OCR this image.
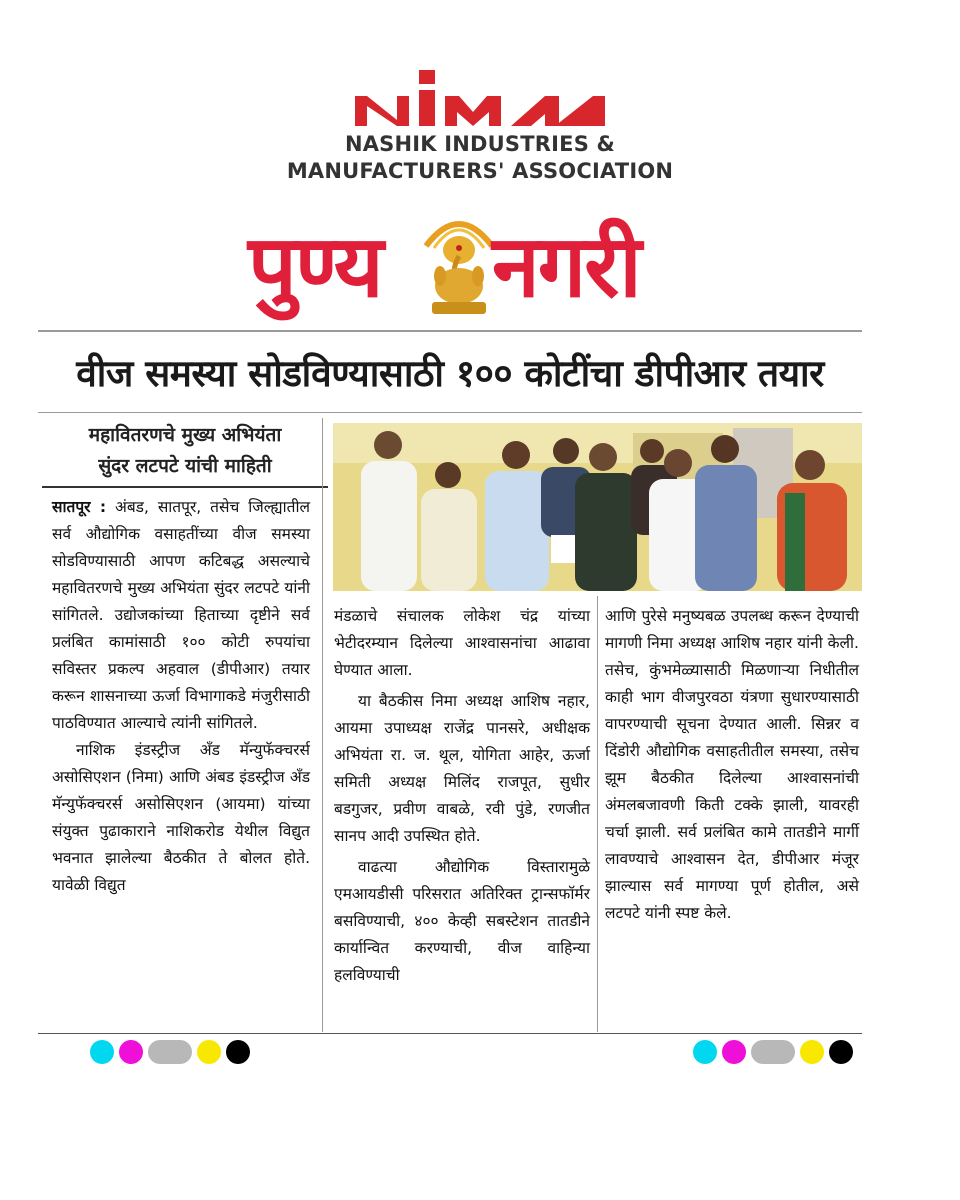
NASHIK INDUSTRIES &
MANUFACTURERS' ASSOCIATION
पुण्य नगरी
वीज समस्या सोडविण्यासाठी १०० कोटींचा डीपीआर तयार
महावितरणचे मुख्य अभियंता
सुंदर लटपटे यांची माहिती

सातपूर : अंबड, सातपूर, तसेच जिल्ह्यातील सर्व औद्योगिक वसाहतींच्या वीज समस्या सोडविण्यासाठी आपण कटिबद्ध असल्याचे महावितरणचे मुख्य अभियंता सुंदर लटपटे यांनी सांगितले. उद्योजकांच्या हिताच्या दृष्टीने सर्व प्रलंबित कामांसाठी १०० कोटी रुपयांचा सविस्तर प्रकल्प अहवाल (डीपीआर) तयार करून शासनाच्या ऊर्जा विभागाकडे मंजुरीसाठी पाठविण्यात आल्याचे त्यांनी सांगितले.

नाशिक इंडस्ट्रीज अँड मॅन्युफॅक्चरर्स असोसिएशन (निमा) आणि अंबड इंडस्ट्रीज अँड मॅन्युफॅक्चरर्स असोसिएशन (आयमा) यांच्या संयुक्त पुढाकाराने नाशिकरोड येथील विद्युत भवनात झालेल्या बैठकीत ते बोलत होते. यावेळी विद्युत

मंडळाचे संचालक लोकेश चंद्र यांच्या भेटीदरम्यान दिलेल्या आश्वासनांचा आढावा घेण्यात आला.

या बैठकीस निमा अध्यक्ष आशिष नहार, आयमा उपाध्यक्ष राजेंद्र पानसरे, अधीक्षक अभियंता रा. ज. थूल, योगिता आहेर, ऊर्जा समिती अध्यक्ष मिलिंद राजपूत, सुधीर बडगुजर, प्रवीण वाबळे, रवी पुंडे, रणजीत सानप आदी उपस्थित होते.

वाढत्या औद्योगिक विस्तारामुळे एमआयडीसी परिसरात अतिरिक्त ट्रान्सफॉर्मर बसविण्याची, ४०० केव्ही सबस्टेशन तातडीने कार्यान्वित करण्याची, वीज वाहिन्या हलविण्याची

आणि पुरेसे मनुष्यबळ उपलब्ध करून देण्याची मागणी निमा अध्यक्ष आशिष नहार यांनी केली. तसेच, कुंभमेळ्यासाठी मिळणाऱ्या निधीतील काही भाग वीजपुरवठा यंत्रणा सुधारण्यासाठी वापरण्याची सूचना देण्यात आली. सिन्नर व दिंडोरी औद्योगिक वसाहतीतील समस्या, तसेच झूम बैठकीत दिलेल्या आश्वासनांची अंमलबजावणी किती टक्के झाली, यावरही चर्चा झाली. सर्व प्रलंबित कामे तातडीने मार्गी लावण्याचे आश्वासन देत, डीपीआर मंजूर झाल्यास सर्व मागण्या पूर्ण होतील, असे लटपटे यांनी स्पष्ट केले.
